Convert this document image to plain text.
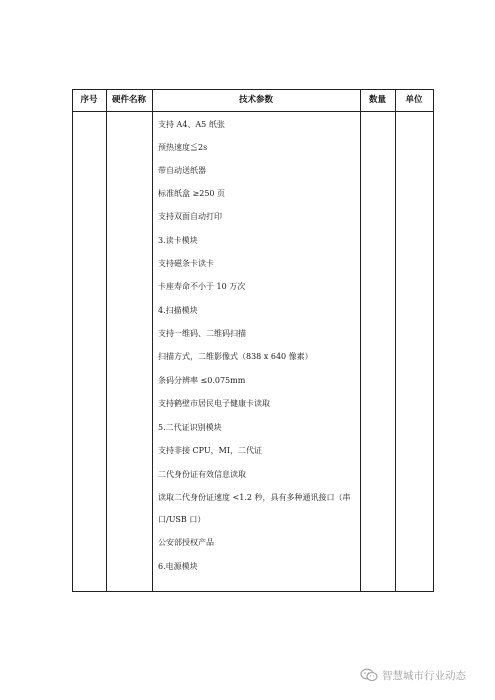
序号	硬件名称	技术参数	数量	单位
支持 A4、A5 纸张
预热速度≦2s
带自动送纸器
标准纸盒 ≥250 页
支持双面自动打印
3.读卡模块
支持磁条卡读卡
卡座寿命不小于 10 万次
4.扫描模块
支持一维码、二维码扫描
扫描方式，二维影像式（838 x 640 像素）
条码分辨率 ≤0.075mm
支持鹤壁市居民电子健康卡读取
5.二代证识别模块
支持非接 CPU，MI，二代证
二代身份证有效信息读取
读取二代身份证速度 <1.2 秒，具有多种通讯接口（串
口/USB 口）
公安部授权产品
6.电源模块
智慧城市行业动态
